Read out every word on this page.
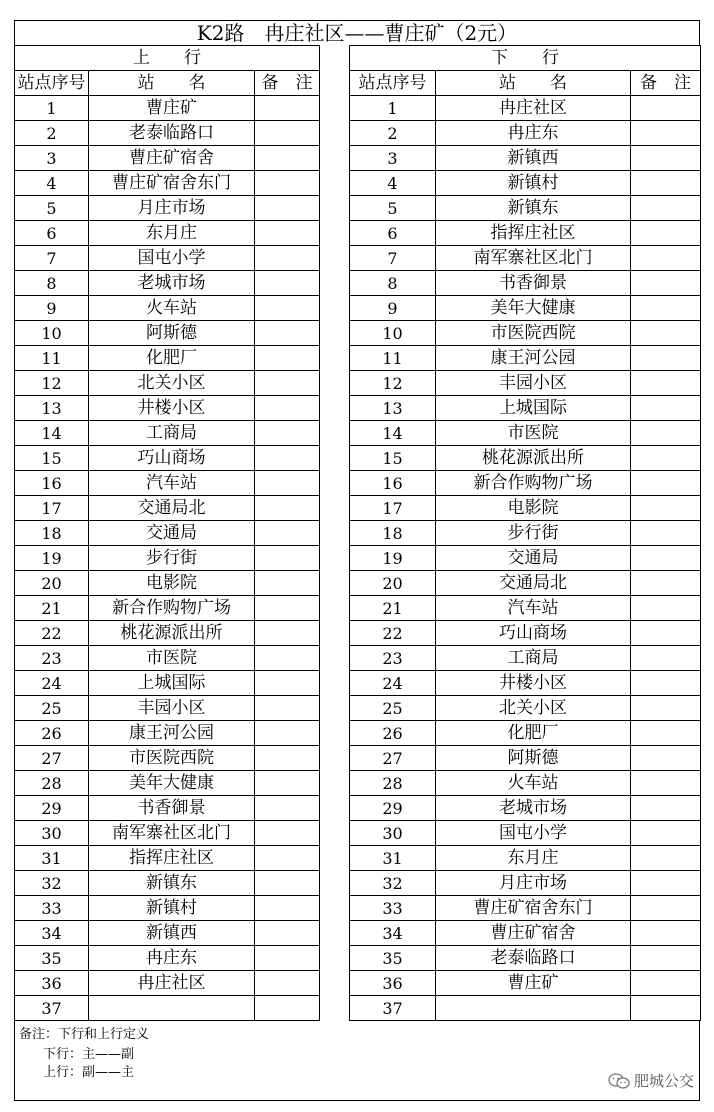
K2路　冉庄社区——曹庄矿（2元）
上　　行				下　　行		
站点序号	站　　名	备　注		站点序号	站　　名	备　注
1	曹庄矿			1	冉庄社区	
2	老泰临路口			2	冉庄东	
3	曹庄矿宿舍			3	新镇西	
4	曹庄矿宿舍东门			4	新镇村	
5	月庄市场			5	新镇东	
6	东月庄			6	指挥庄社区	
7	国屯小学			7	南军寨社区北门	
8	老城市场			8	书香御景	
9	火车站			9	美年大健康	
10	阿斯德			10	市医院西院	
11	化肥厂			11	康王河公园	
12	北关小区			12	丰园小区	
13	井楼小区			13	上城国际	
14	工商局			14	市医院	
15	巧山商场			15	桃花源派出所	
16	汽车站			16	新合作购物广场	
17	交通局北			17	电影院	
18	交通局			18	步行街	
19	步行街			19	交通局	
20	电影院			20	交通局北	
21	新合作购物广场			21	汽车站	
22	桃花源派出所			22	巧山商场	
23	市医院			23	工商局	
24	上城国际			24	井楼小区	
25	丰园小区			25	北关小区	
26	康王河公园			26	化肥厂	
27	市医院西院			27	阿斯德	
28	美年大健康			28	火车站	
29	书香御景			29	老城市场	
30	南军寨社区北门			30	国屯小学	
31	指挥庄社区			31	东月庄	
32	新镇东			32	月庄市场	
33	新镇村			33	曹庄矿宿舍东门	
34	新镇西			34	曹庄矿宿舍	
35	冉庄东			35	老泰临路口	
36	冉庄社区			36	曹庄矿	
37				37		
备注：下行和上行定义
下行：主——副
上行：副——主	肥城公交
